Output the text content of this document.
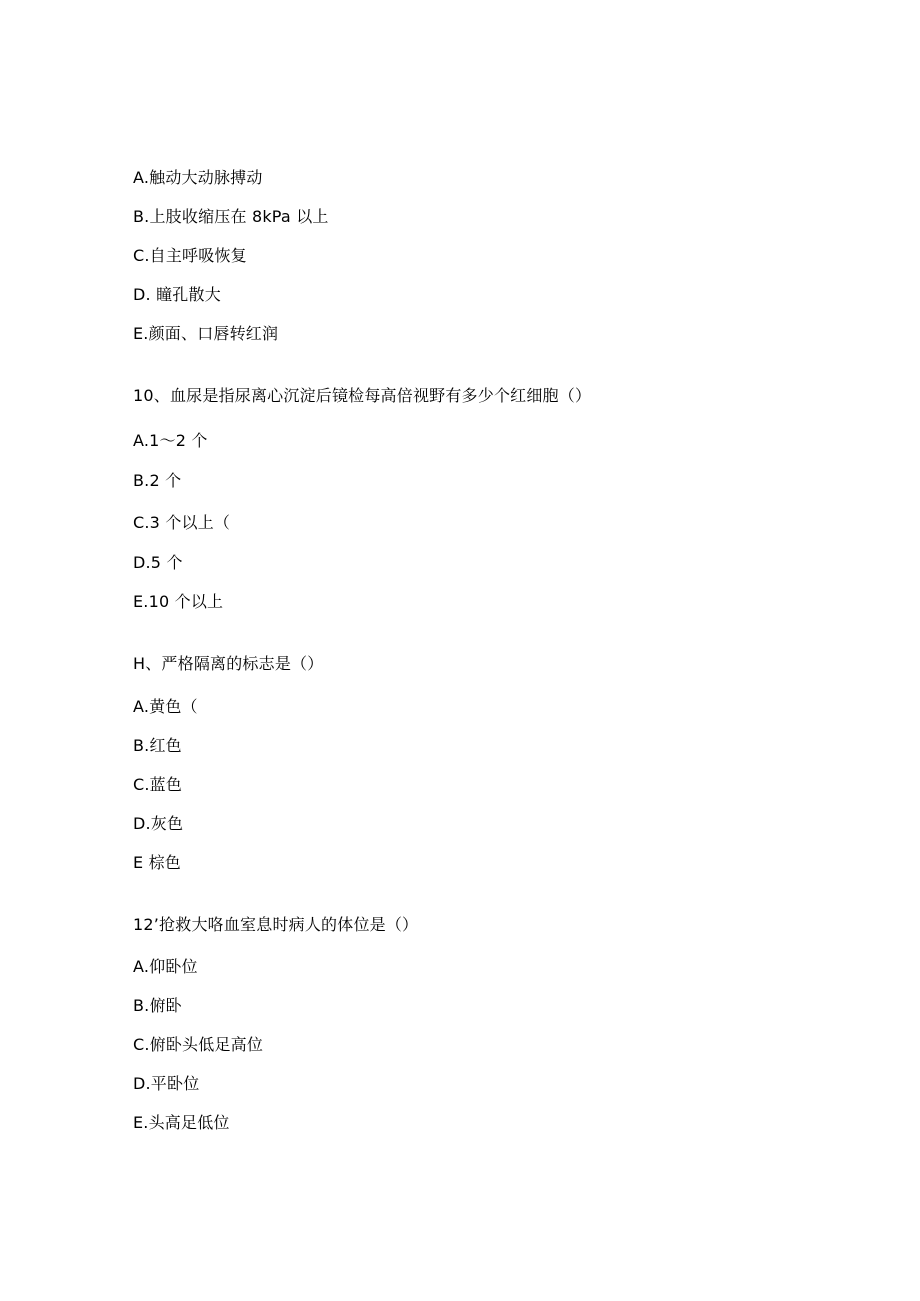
A.触动大动脉搏动
B.上肢收缩压在 8kPa 以上
C.自主呼吸恢复
D. 瞳孔散大
E.颜面、口唇转红润
10、血尿是指尿离心沉淀后镜检每高倍视野有多少个红细胞（）
A.1～2 个
B.2 个
C.3 个以上（
D.5 个
E.10 个以上
H、严格隔离的标志是（）
A.黄色（
B.红色
C.蓝色
D.灰色
E 棕色
12’抢救大咯血室息时病人的体位是（）
A.仰卧位
B.俯卧
C.俯卧头低足高位
D.平卧位
E.头高足低位
